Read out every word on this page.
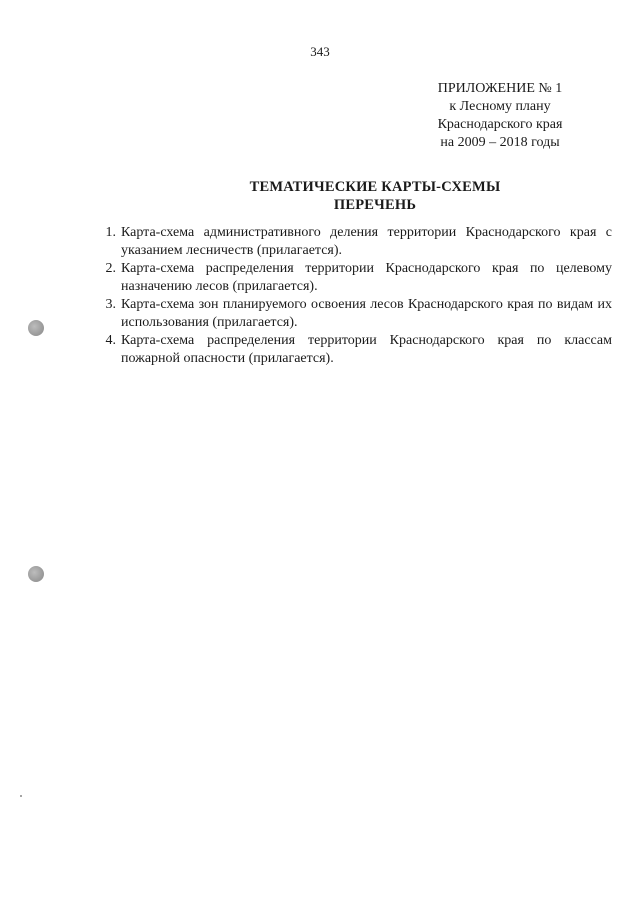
343
ПРИЛОЖЕНИЕ № 1
к Лесному плану
Краснодарского края
на 2009 – 2018 годы
ТЕМАТИЧЕСКИЕ КАРТЫ-СХЕМЫ
ПЕРЕЧЕНЬ
1. Карта-схема административного деления территории Краснодарского края с указанием лесничеств (прилагается).
2. Карта-схема распределения территории Краснодарского края по целевому назначению лесов (прилагается).
3. Карта-схема зон планируемого освоения лесов Краснодарского края по видам их использования (прилагается).
4. Карта-схема распределения территории Краснодарского края по классам пожарной опасности (прилагается).
